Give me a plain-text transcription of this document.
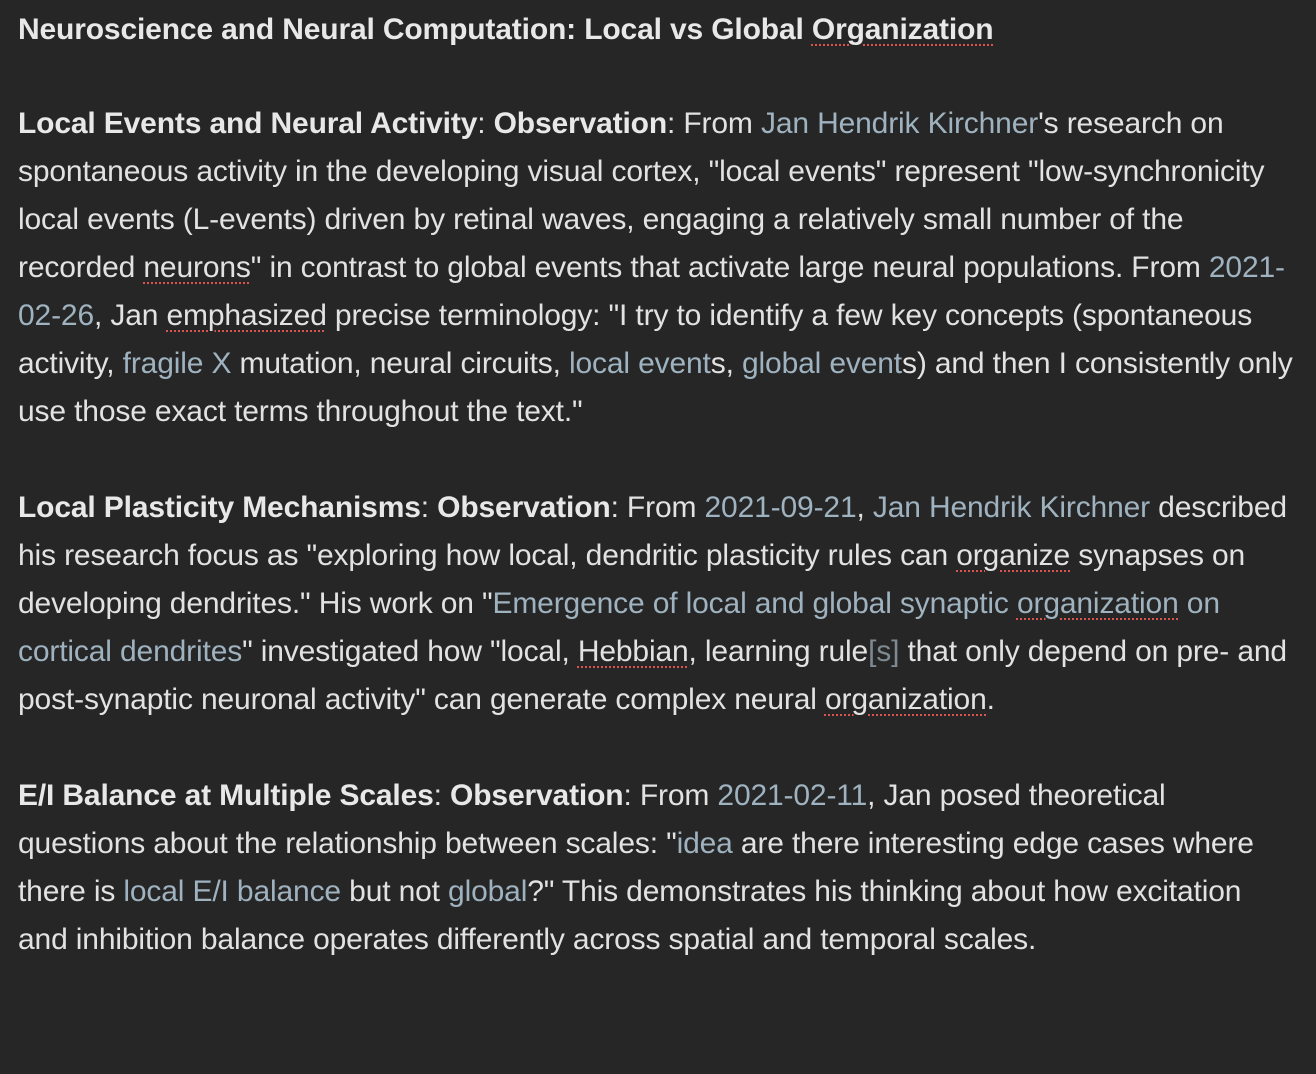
Neuroscience and Neural Computation: Local vs Global Organization
Local Events and Neural Activity: Observation: From Jan Hendrik Kirchner's research on spontaneous activity in the developing visual cortex, "local events" represent "low-synchronicity local events (L-events) driven by retinal waves, engaging a relatively small number of the recorded neurons" in contrast to global events that activate large neural populations. From 2021-02-26, Jan emphasized precise terminology: "I try to identify a few key concepts (spontaneous activity, fragile X mutation, neural circuits, local events, global events) and then I consistently only use those exact terms throughout the text."
Local Plasticity Mechanisms: Observation: From 2021-09-21, Jan Hendrik Kirchner described his research focus as "exploring how local, dendritic plasticity rules can organize synapses on developing dendrites." His work on "Emergence of local and global synaptic organization on cortical dendrites" investigated how "local, Hebbian, learning rule[s] that only depend on pre- and post-synaptic neuronal activity" can generate complex neural organization.
E/I Balance at Multiple Scales: Observation: From 2021-02-11, Jan posed theoretical questions about the relationship between scales: "idea are there interesting edge cases where there is local E/I balance but not global?" This demonstrates his thinking about how excitation and inhibition balance operates differently across spatial and temporal scales.
